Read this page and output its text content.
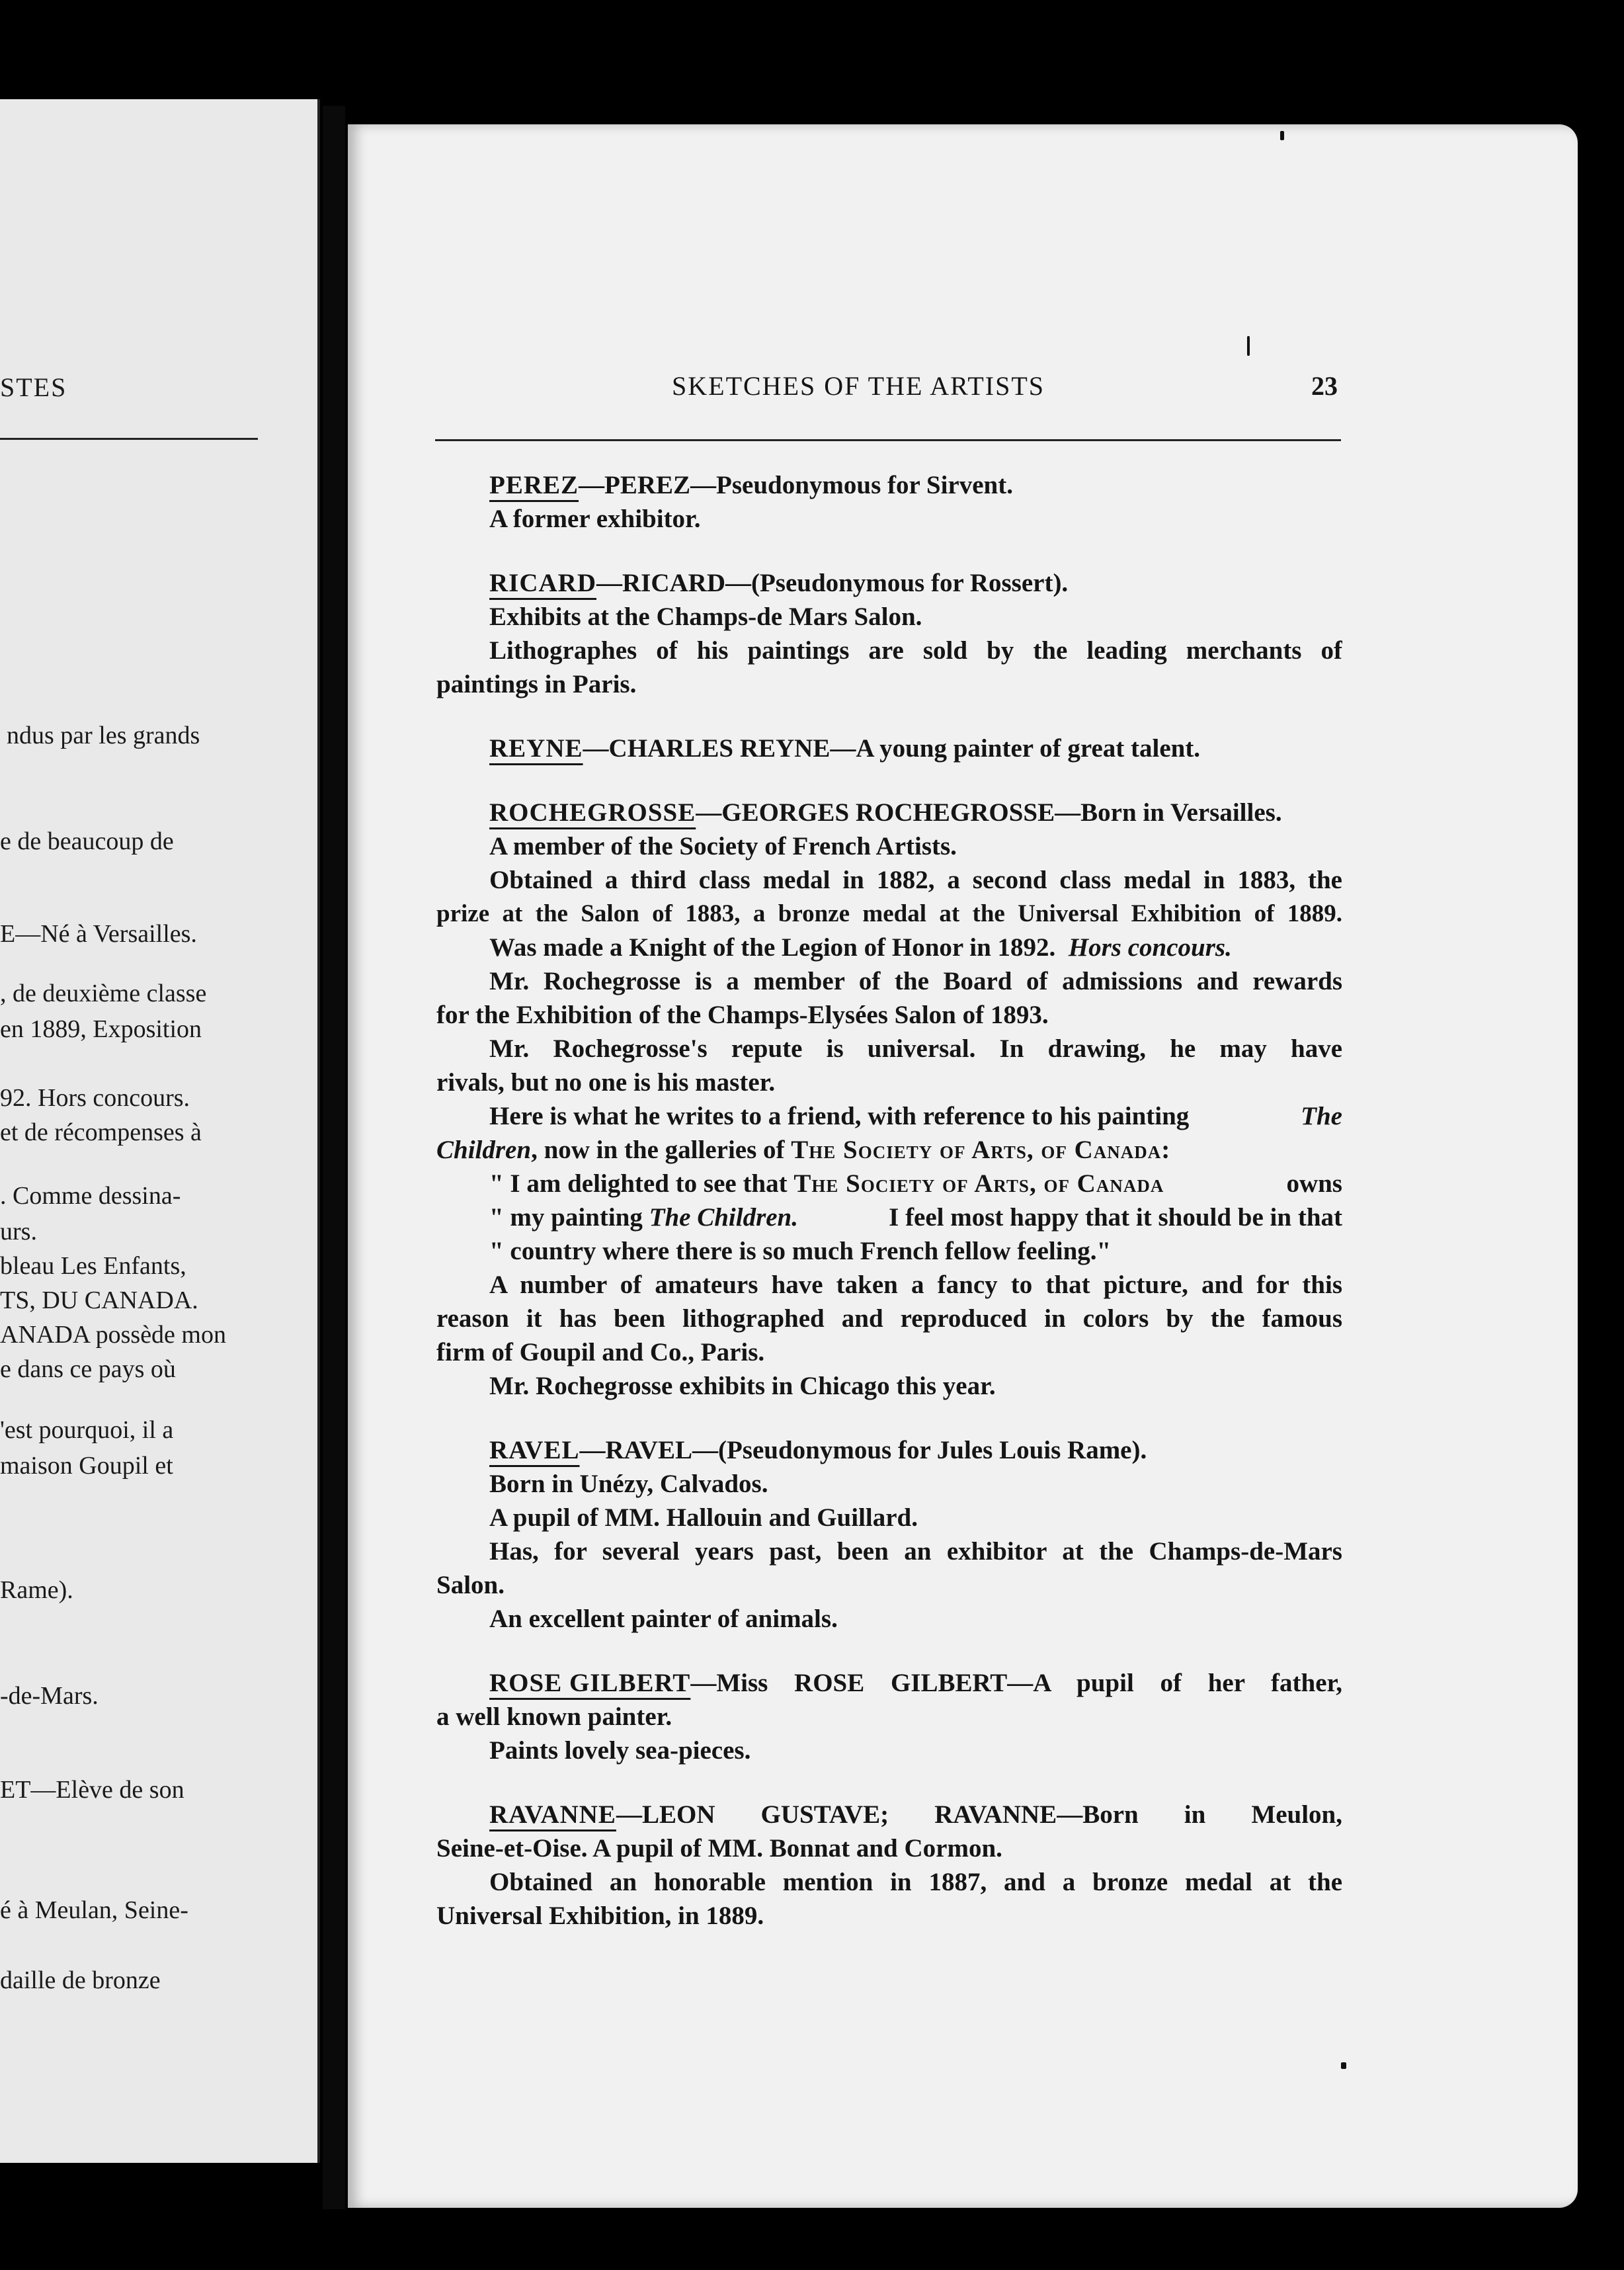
STES
ndus par les grands
e de beaucoup de
E—Né à Versailles.
, de deuxième classe
en 1889, Exposition
92. Hors concours.
et de récompenses à
. Comme dessina-
urs.
bleau Les Enfants,
TS, DU CANADA.
ANADA possède mon
e dans ce pays où
'est pourquoi, il a
maison Goupil et
Rame).
-de-Mars.
ET—Elève de son
é à Meulan, Seine-
daille de bronze
SKETCHES OF THE ARTISTS	23
PEREZ—PEREZ—Pseudonymous for Sirvent.
A former exhibitor.
RICARD—RICARD—(Pseudonymous for Rossert).
Exhibits at the Champs-de Mars Salon.
Lithographes of his paintings are sold by the leading merchants of
paintings in Paris.
REYNE—CHARLES REYNE—A young painter of great talent.
ROCHEGROSSE—GEORGES ROCHEGROSSE—Born in Versailles.
A member of the Society of French Artists.
Obtained a third class medal in 1882, a second class medal in 1883, the
prize at the Salon of 1883, a bronze medal at the Universal Exhibition of 1889.
Was made a Knight of the Legion of Honor in 1892. Hors concours.
Mr. Rochegrosse is a member of the Board of admissions and rewards
for the Exhibition of the Champs-Elysées Salon of 1893.
Mr. Rochegrosse's repute is universal. In drawing, he may have
rivals, but no one is his master.
Here is what he writes to a friend, with reference to his painting	The
Children, now in the galleries of The Society of Arts, of Canada:
" I am delighted to see that The Society of Arts, of Canada	owns
" my painting The Children.	I feel most happy that it should be in that
" country where there is so much French fellow feeling."
A number of amateurs have taken a fancy to that picture, and for this
reason it has been lithographed and reproduced in colors by the famous
firm of Goupil and Co., Paris.
Mr. Rochegrosse exhibits in Chicago this year.
RAVEL—RAVEL—(Pseudonymous for Jules Louis Rame).
Born in Unézy, Calvados.
A pupil of MM. Hallouin and Guillard.
Has, for several years past, been an exhibitor at the Champs-de-Mars
Salon.
An excellent painter of animals.
ROSE GILBERT —Miss ROSE GILBERT—A pupil of her father,
a well known painter.
Paints lovely sea-pieces.
RAVANNE —LEON GUSTAVE; RAVANNE—Born in Meulon,
Seine-et-Oise. A pupil of MM. Bonnat and Cormon.
Obtained an honorable mention in 1887, and a bronze medal at the
Universal Exhibition, in 1889.
